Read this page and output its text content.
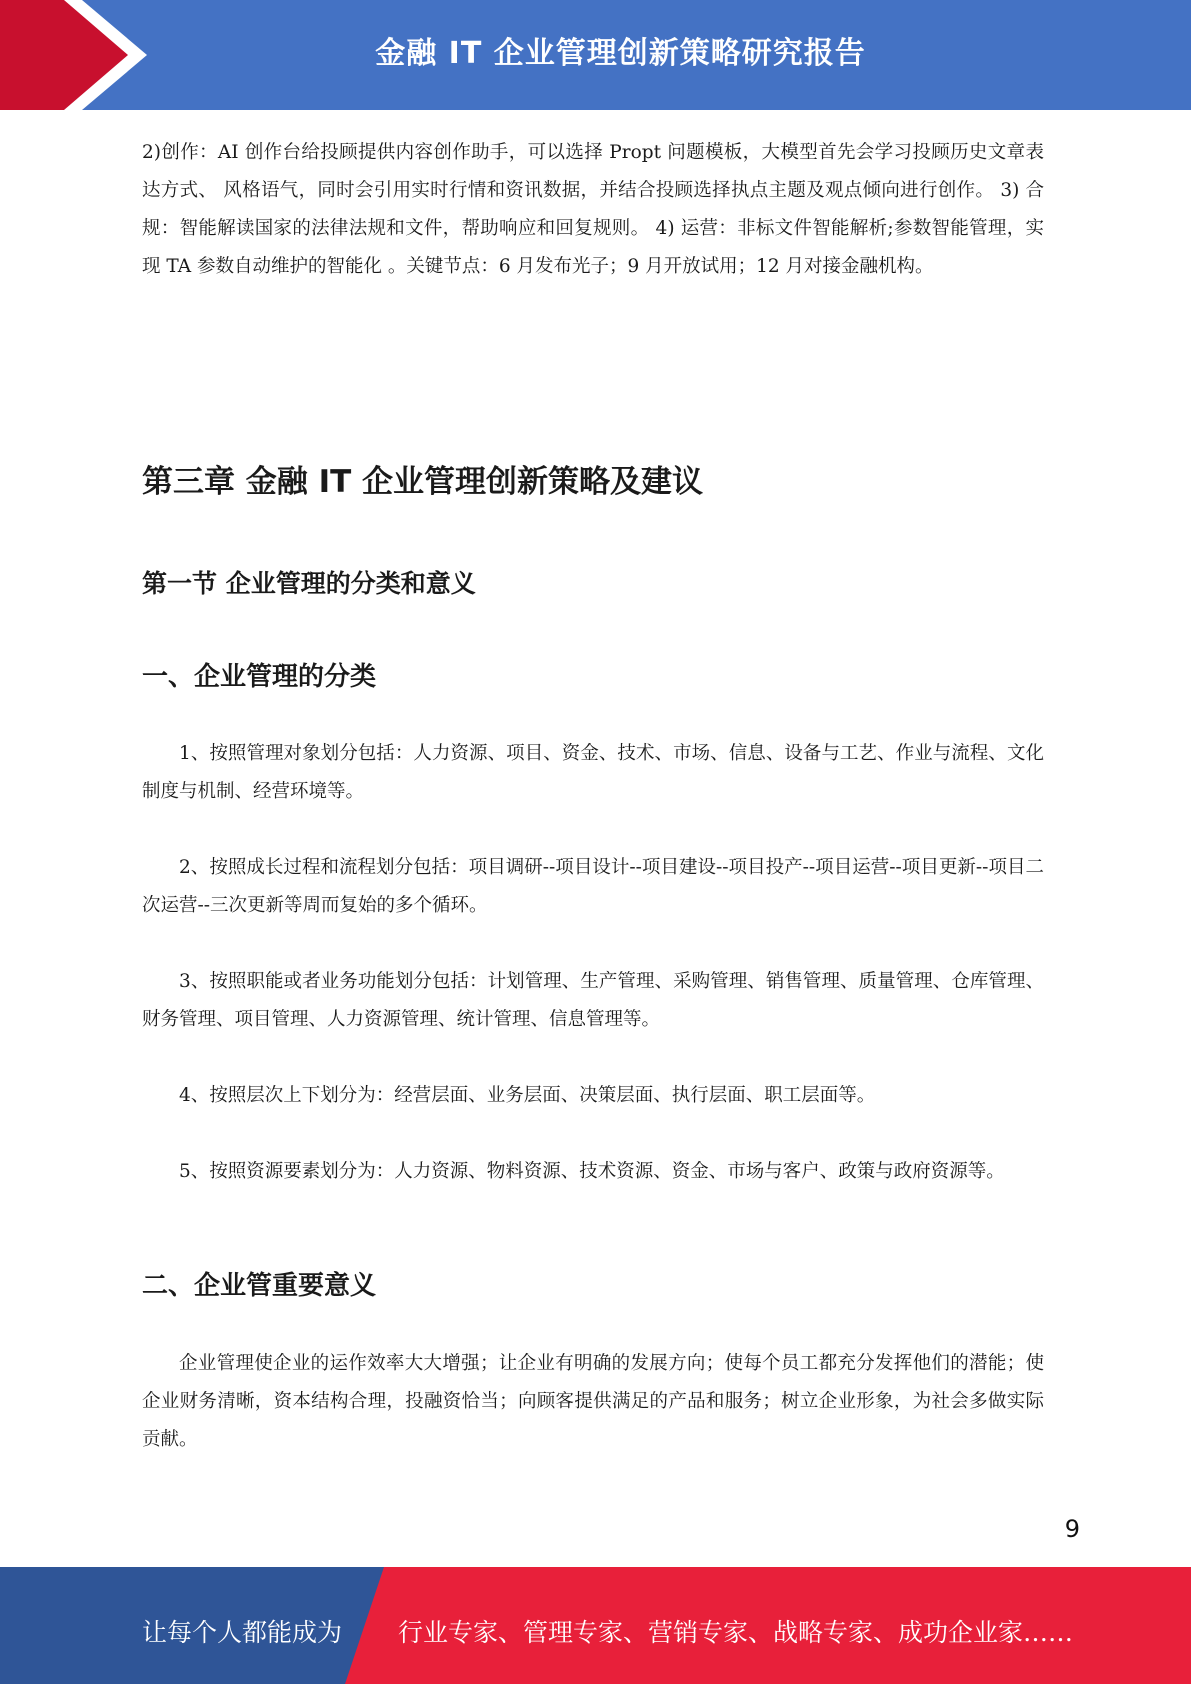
金融 IT 企业管理创新策略研究报告

2)创作：AI 创作台给投顾提供内容创作助手，可以选择 Propt 问题模板，大模型首先会学习投顾历史文章表达方式、 风格语气，同时会引用实时行情和资讯数据，并结合投顾选择执点主题及观点倾向进行创作。 3) 合规：智能解读国家的法律法规和文件，帮助响应和回复规则。 4) 运营：非标文件智能解析;参数智能管理，实现 TA 参数自动维护的智能化 。关键节点：6 月发布光子；9 月开放试用；12 月对接金融机构。

第三章 金融 IT 企业管理创新策略及建议
第一节 企业管理的分类和意义
一、企业管理的分类

1、按照管理对象划分包括：人力资源、项目、资金、技术、市场、信息、设备与工艺、作业与流程、文化制度与机制、经营环境等。

2、按照成长过程和流程划分包括：项目调研--项目设计--项目建设--项目投产--项目运营--项目更新--项目二次运营--三次更新等周而复始的多个循环。

3、按照职能或者业务功能划分包括：计划管理、生产管理、采购管理、销售管理、质量管理、仓库管理、财务管理、项目管理、人力资源管理、统计管理、信息管理等。

4、按照层次上下划分为：经营层面、业务层面、决策层面、执行层面、职工层面等。

5、按照资源要素划分为：人力资源、物料资源、技术资源、资金、市场与客户、政策与政府资源等。

二、企业管重要意义

企业管理使企业的运作效率大大增强；让企业有明确的发展方向；使每个员工都充分发挥他们的潜能；使企业财务清晰，资本结构合理，投融资恰当；向顾客提供满足的产品和服务；树立企业形象，为社会多做实际贡献。

9
让每个人都能成为 行业专家、管理专家、营销专家、战略专家、成功企业家……
